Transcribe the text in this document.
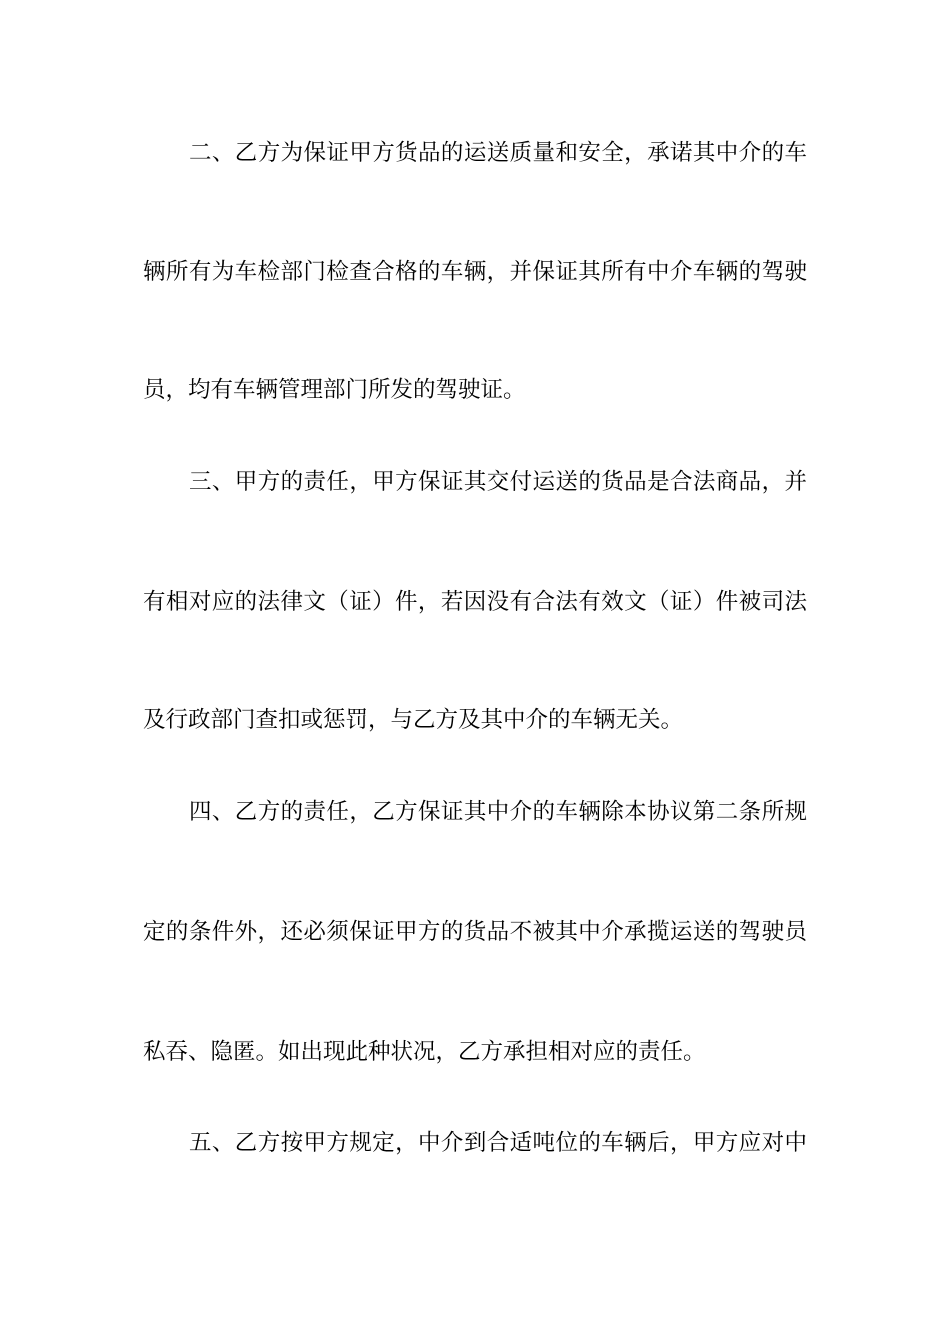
二、乙方为保证甲方货品的运送质量和安全，承诺其中介的车
辆所有为车检部门检查合格的车辆，并保证其所有中介车辆的驾驶
员，均有车辆管理部门所发的驾驶证。
三、甲方的责任，甲方保证其交付运送的货品是合法商品，并
有相对应的法律文（证）件，若因没有合法有效文（证）件被司法
及行政部门查扣或惩罚，与乙方及其中介的车辆无关。
四、乙方的责任，乙方保证其中介的车辆除本协议第二条所规
定的条件外，还必须保证甲方的货品不被其中介承揽运送的驾驶员
私吞、隐匿。如出现此种状况，乙方承担相对应的责任。
五、乙方按甲方规定，中介到合适吨位的车辆后，甲方应对中
